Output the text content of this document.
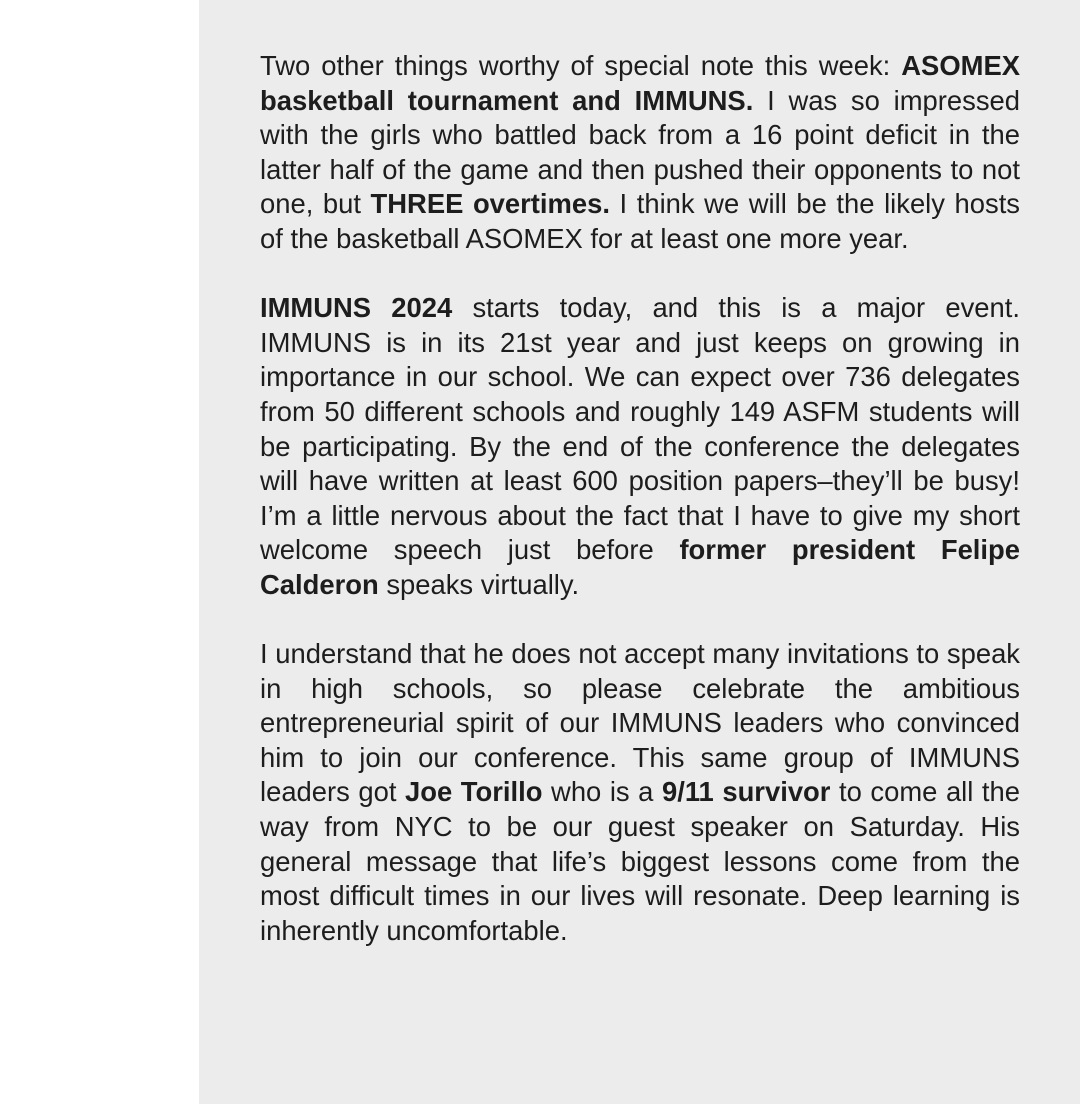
Two other things worthy of special note this week: ASOMEX basketball tournament and IMMUNS. I was so impressed with the girls who battled back from a 16 point deficit in the latter half of the game and then pushed their opponents to not one, but THREE overtimes. I think we will be the likely hosts of the basketball ASOMEX for at least one more year.

IMMUNS 2024 starts today, and this is a major event. IMMUNS is in its 21st year and just keeps on growing in importance in our school. We can expect over 736 delegates from 50 different schools and roughly 149 ASFM students will be participating. By the end of the conference the delegates will have written at least 600 position papers–they’ll be busy! I’m a little nervous about the fact that I have to give my short welcome speech just before former president Felipe Calderon speaks virtually.

I understand that he does not accept many invitations to speak in high schools, so please celebrate the ambitious entrepreneurial spirit of our IMMUNS leaders who convinced him to join our conference. This same group of IMMUNS leaders got Joe Torillo who is a 9/11 survivor to come all the way from NYC to be our guest speaker on Saturday. His general message that life’s biggest lessons come from the most difficult times in our lives will resonate. Deep learning is inherently uncomfortable.
